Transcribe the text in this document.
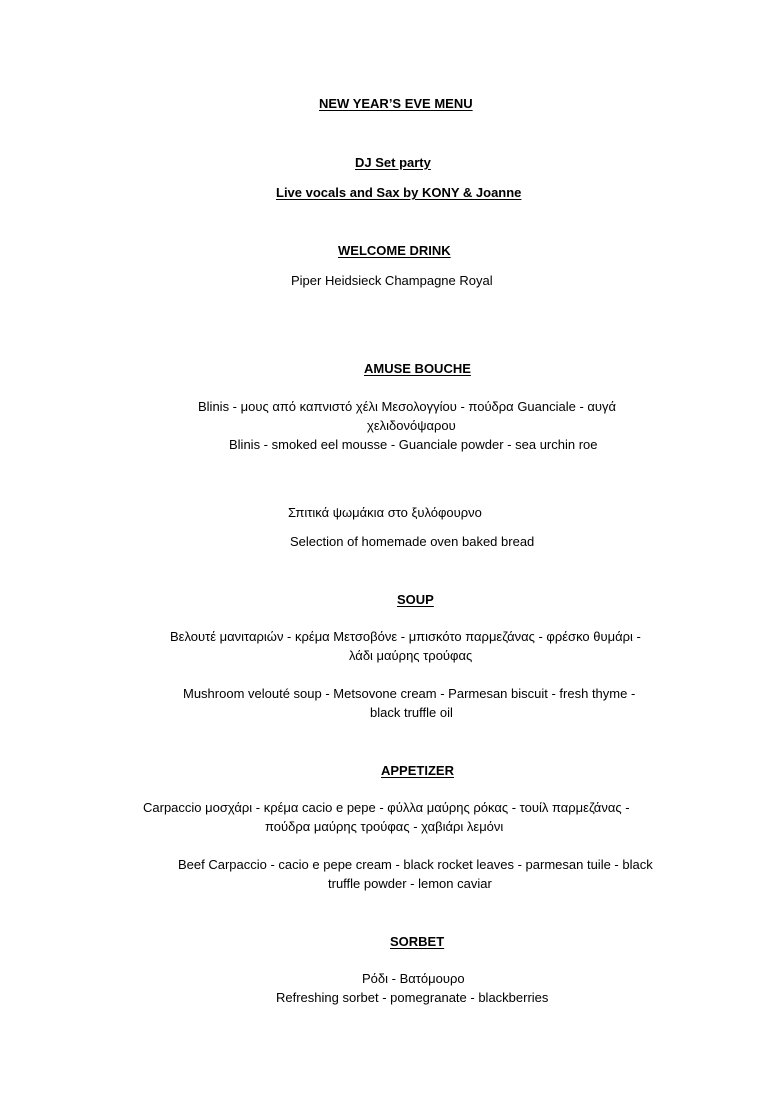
NEW YEAR’S EVE MENU
DJ Set party
Live vocals and Sax by KONY & Joanne
WELCOME DRINK
Piper Heidsieck Champagne Royal
AMUSE BOUCHE
Blinis - μους από καπνιστό χέλι Μεσολογγίου - πούδρα Guanciale - αυγά
χελιδονόψαρου
Blinis - smoked eel mousse - Guanciale powder - sea urchin roe
Σπιτικά ψωμάκια στο ξυλόφουρνο
Selection of homemade oven baked bread
SOUP
Βελουτέ μανιταριών - κρέμα Μετσοβόνε - μπισκότο παρμεζάνας - φρέσκο θυμάρι -
λάδι μαύρης τρούφας
Mushroom velouté soup - Metsovone cream - Parmesan biscuit - fresh thyme -
black truffle oil
APPETIZER
Carpaccio μοσχάρι - κρέμα cacio e pepe - φύλλα μαύρης ρόκας - τουίλ παρμεζάνας -
πούδρα μαύρης τρούφας - χαβιάρι λεμόνι
Beef Carpaccio - cacio e pepe cream - black rocket leaves - parmesan tuile - black
truffle powder - lemon caviar
SORBET
Ρόδι - Βατόμουρο
Refreshing sorbet - pomegranate - blackberries
